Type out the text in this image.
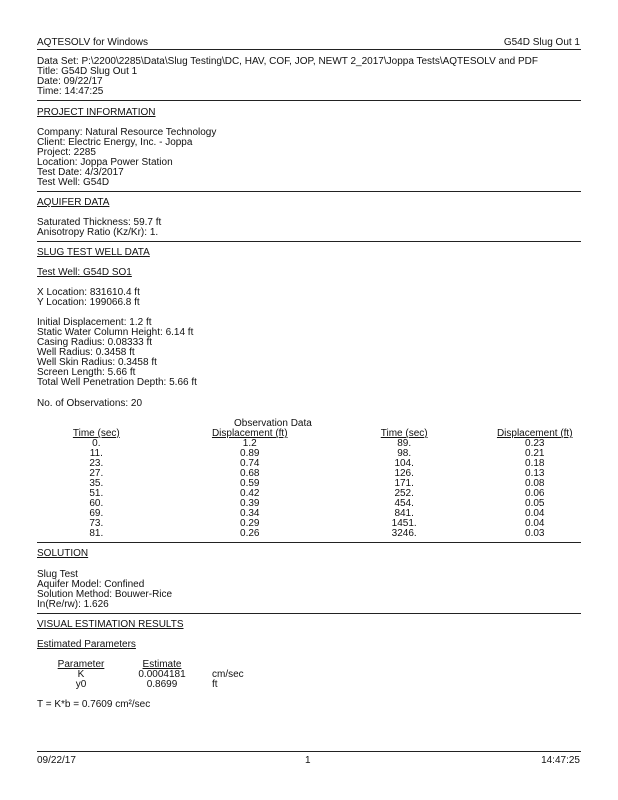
AQTESOLV for Windows	G54D Slug Out 1
Data Set: P:\2200\2285\Data\Slug Testing\DC, HAV, COF, JOP, NEWT 2_2017\Joppa Tests\AQTESOLV and PDF
Title: G54D Slug Out 1
Date: 09/22/17
Time: 14:47:25
PROJECT INFORMATION
Company: Natural Resource Technology
Client: Electric Energy, Inc. - Joppa
Project: 2285
Location: Joppa Power Station
Test Date: 4/3/2017
Test Well: G54D
AQUIFER DATA
Saturated Thickness: 59.7 ft
Anisotropy Ratio (Kz/Kr): 1.
SLUG TEST WELL DATA
Test Well: G54D SO1
X Location: 831610.4 ft
Y Location: 199066.8 ft
Initial Displacement: 1.2 ft
Static Water Column Height: 6.14 ft
Casing Radius: 0.08333 ft
Well Radius: 0.3458 ft
Well Skin Radius: 0.3458 ft
Screen Length: 5.66 ft
Total Well Penetration Depth: 5.66 ft
No. of Observations: 20
Observation Data
Time (sec)	Displacement (ft)	Time (sec)	Displacement (ft)
0.	1.2	89.	0.23
11.	0.89	98.	0.21
23.	0.74	104.	0.18
27.	0.68	126.	0.13
35.	0.59	171.	0.08
51.	0.42	252.	0.06
60.	0.39	454.	0.05
69.	0.34	841.	0.04
73.	0.29	1451.	0.04
81.	0.26	3246.	0.03
SOLUTION
Slug Test
Aquifer Model: Confined
Solution Method: Bouwer-Rice
In(Re/rw): 1.626
VISUAL ESTIMATION RESULTS
Estimated Parameters
Parameter	Estimate	
K	0.0004181	cm/sec
y0	0.8699	ft
T = K*b = 0.7609 cm²/sec
09/22/17	1	14:47:25
